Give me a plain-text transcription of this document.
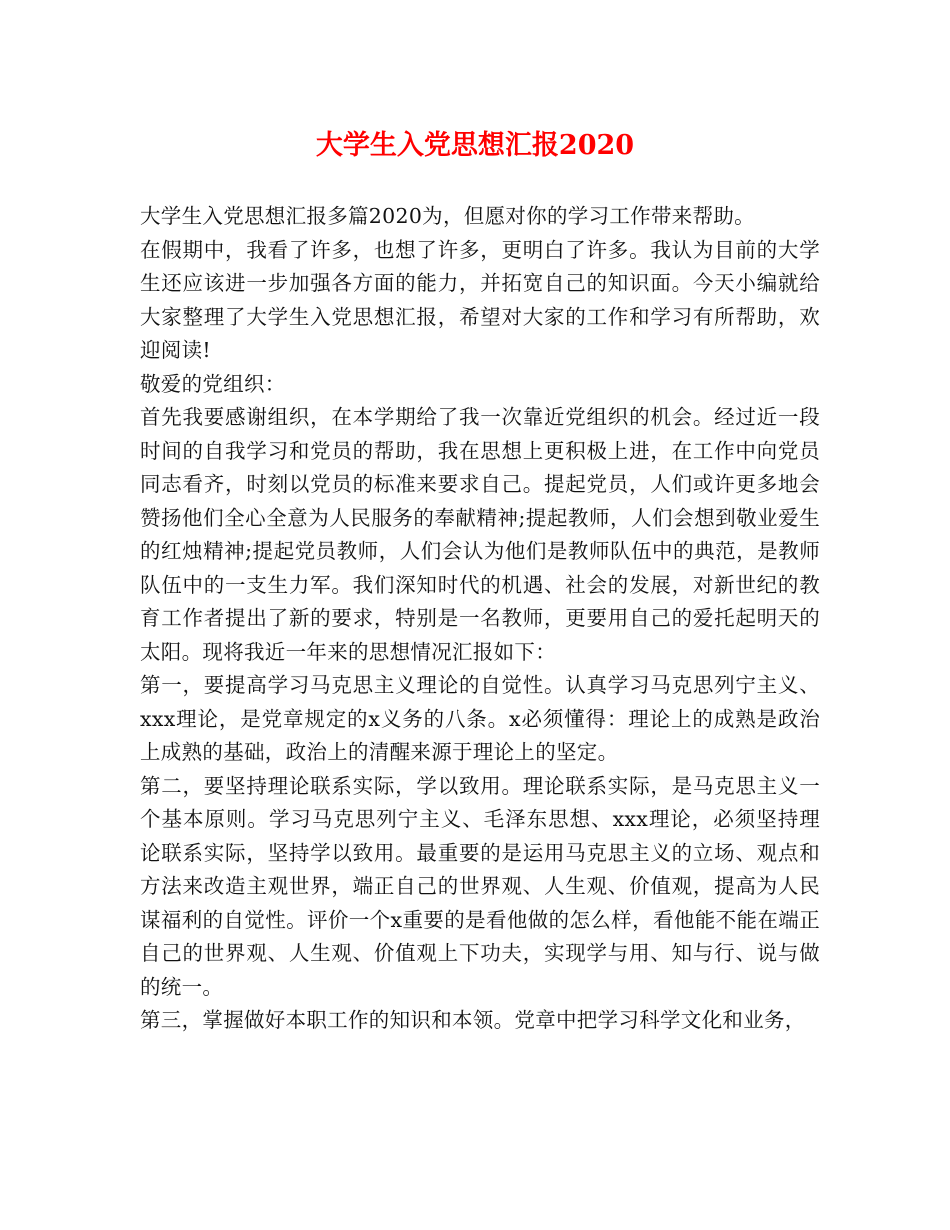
大学生入党思想汇报2020

大学生入党思想汇报多篇2020为，但愿对你的学习工作带来帮助。

在假期中，我看了许多，也想了许多，更明白了许多。我认为目前的大学生还应该进一步加强各方面的能力，并拓宽自己的知识面。今天小编就给大家整理了大学生入党思想汇报，希望对大家的工作和学习有所帮助，欢迎阅读!

敬爱的党组织：

首先我要感谢组织，在本学期给了我一次靠近党组织的机会。经过近一段时间的自我学习和党员的帮助，我在思想上更积极上进，在工作中向党员同志看齐，时刻以党员的标准来要求自己。提起党员，人们或许更多地会赞扬他们全心全意为人民服务的奉献精神;提起教师，人们会想到敬业爱生的红烛精神;提起党员教师，人们会认为他们是教师队伍中的典范，是教师队伍中的一支生力军。我们深知时代的机遇、社会的发展，对新世纪的教育工作者提出了新的要求，特别是一名教师，更要用自己的爱托起明天的太阳。现将我近一年来的思想情况汇报如下：

第一，要提高学习马克思主义理论的自觉性。认真学习马克思列宁主义、xxx理论，是党章规定的x义务的八条。x必须懂得：理论上的成熟是政治上成熟的基础，政治上的清醒来源于理论上的坚定。

第二，要坚持理论联系实际，学以致用。理论联系实际，是马克思主义一个基本原则。学习马克思列宁主义、毛泽东思想、xxx理论，必须坚持理论联系实际，坚持学以致用。最重要的是运用马克思主义的立场、观点和方法来改造主观世界，端正自己的世界观、人生观、价值观，提高为人民谋福利的自觉性。评价一个x重要的是看他做的怎么样，看他能不能在端正自己的世界观、人生观、价值观上下功夫，实现学与用、知与行、说与做的统一。

第三，掌握做好本职工作的知识和本领。党章中把学习科学文化和业务，
